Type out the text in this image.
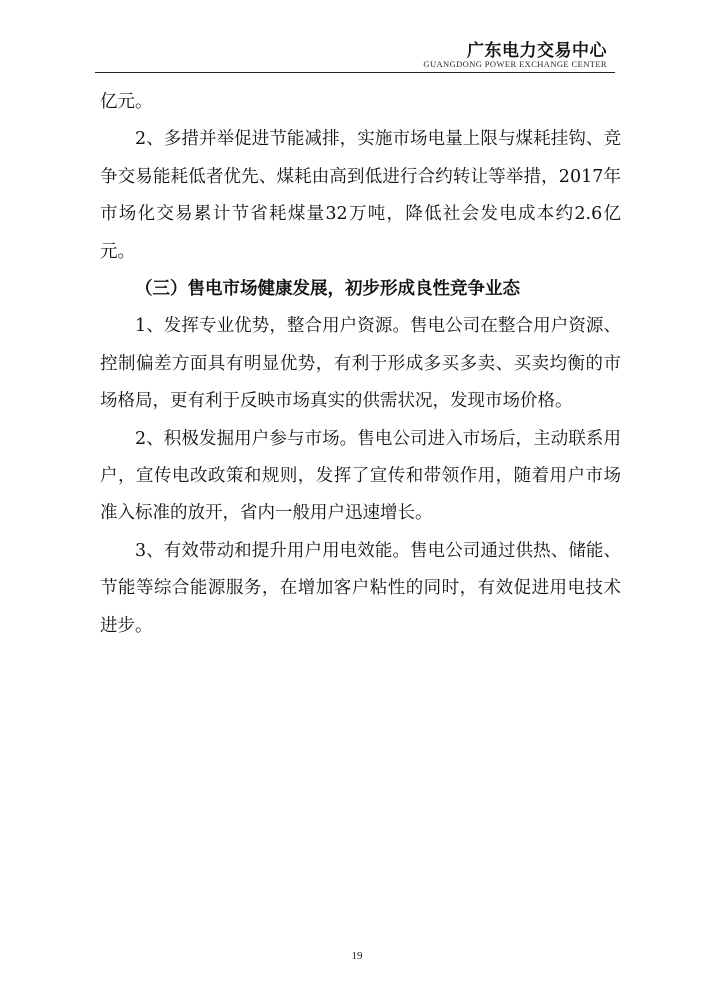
广东电力交易中心
GUANGDONG POWER EXCHANGE CENTER

亿元。

2、多措并举促进节能减排，实施市场电量上限与煤耗挂钩、竞争交易能耗低者优先、煤耗由高到低进行合约转让等举措，2017年市场化交易累计节省耗煤量32万吨，降低社会发电成本约2.6亿元。

（三）售电市场健康发展，初步形成良性竞争业态

1、发挥专业优势，整合用户资源。售电公司在整合用户资源、控制偏差方面具有明显优势，有利于形成多买多卖、买卖均衡的市场格局，更有利于反映市场真实的供需状况，发现市场价格。

2、积极发掘用户参与市场。售电公司进入市场后，主动联系用户，宣传电改政策和规则，发挥了宣传和带领作用，随着用户市场准入标准的放开，省内一般用户迅速增长。

3、有效带动和提升用户用电效能。售电公司通过供热、储能、节能等综合能源服务，在增加客户粘性的同时，有效促进用电技术进步。

19
